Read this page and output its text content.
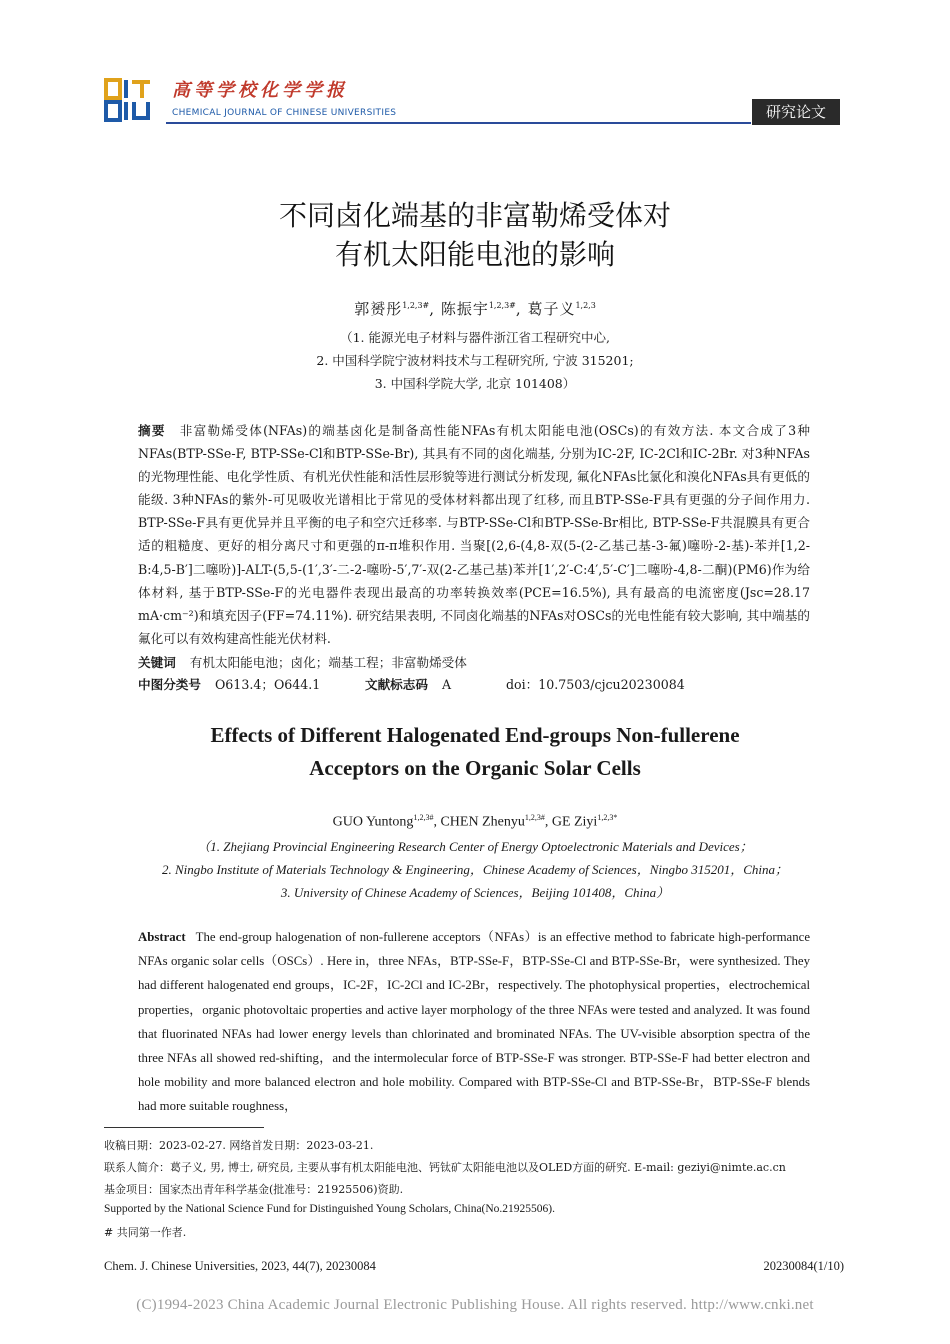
高等学校化学学报
CHEMICAL JOURNAL OF CHINESE UNIVERSITIES	研究论文
不同卤化端基的非富勒烯受体对
有机太阳能电池的影响
郭赟彤$^{1,2,3\#}$, 陈振宇$^{1,2,3\#}$, 葛子义$^{1,2,3}$
（1. 能源光电子材料与器件浙江省工程研究中心,
2. 中国科学院宁波材料技术与工程研究所, 宁波 315201;
3. 中国科学院大学, 北京 101408）
摘要 非富勒烯受体(NFAs)的端基卤化是制备高性能NFAs有机太阳能电池(OSCs)的有效方法. 本文合成了3种NFAs(BTP-SSe-F, BTP-SSe-Cl和BTP-SSe-Br), 其具有不同的卤化端基, 分别为IC-2F, IC-2Cl和IC-2Br. 对3种NFAs的光物理性能、电化学性质、有机光伏性能和活性层形貌等进行测试分析发现, 氟化NFAs比氯化和溴化NFAs具有更低的能级. 3种NFAs的紫外-可见吸收光谱相比于常见的受体材料都出现了红移, 而且BTP-SSe-F具有更强的分子间作用力. BTP-SSe-F具有更优异并且平衡的电子和空穴迁移率. 与BTP-SSe-Cl和BTP-SSe-Br相比, BTP-SSe-F共混膜具有更合适的粗糙度、更好的相分离尺寸和更强的π-π堆积作用. 当聚[(2,6-(4,8-双(5-(2-乙基己基-3-氟)噻吩-2-基)-苯并[1,2-B:4,5-B′]二噻吩)]-ALT-(5,5-(1′,3′-二-2-噻吩-5′,7′-双(2-乙基己基)苯并[1′,2′-C:4′,5′-C′]二噻吩-4,8-二酮)(PM6)作为给体材料, 基于BTP-SSe-F的光电器件表现出最高的功率转换效率(PCE=16.5%), 具有最高的电流密度(Jsc=28.17 mA·cm⁻²)和填充因子(FF=74.11%). 研究结果表明, 不同卤化端基的NFAs对OSCs的光电性能有较大影响, 其中端基的氟化可以有效构建高性能光伏材料.
关键词 有机太阳能电池；卤化；端基工程；非富勒烯受体
中图分类号 O613.4；O644.1	文献标志码 A	doi：10.7503/cjcu20230084
Effects of Different Halogenated End-groups Non-fullerene
Acceptors on the Organic Solar Cells
GUO Yuntong$^{1,2,3\#}$, CHEN Zhenyu$^{1,2,3\#}$, GE Ziyi$^{1,2,3*}$
（1. Zhejiang Provincial Engineering Research Center of Energy Optoelectronic Materials and Devices；
2. Ningbo Institute of Materials Technology & Engineering，Chinese Academy of Sciences，Ningbo 315201，China；
3. University of Chinese Academy of Sciences，Beijing 101408，China）
Abstract The end-group halogenation of non-fullerene acceptors（NFAs）is an effective method to fabricate high-performance NFAs organic solar cells（OSCs）. Here in，three NFAs，BTP-SSe-F，BTP-SSe-Cl and BTP-SSe-Br，were synthesized. They had different halogenated end groups，IC-2F，IC-2Cl and IC-2Br，respectively. The photophysical properties，electrochemical properties，organic photovoltaic properties and active layer morphology of the three NFAs were tested and analyzed. It was found that fluorinated NFAs had lower energy levels than chlorinated and brominated NFAs. The UV-visible absorption spectra of the three NFAs all showed red-shifting，and the intermolecular force of BTP-SSe-F was stronger. BTP-SSe-F had better electron and hole mobility and more balanced electron and hole mobility. Compared with BTP-SSe-Cl and BTP-SSe-Br，BTP-SSe-F blends had more suitable roughness，
收稿日期：2023-02-27. 网络首发日期：2023-03-21.
联系人简介：葛子义, 男, 博士, 研究员, 主要从事有机太阳能电池、钙钛矿太阳能电池以及OLED方面的研究. E-mail: geziyi@nimte.ac.cn
基金项目：国家杰出青年科学基金(批准号：21925506)资助.
Supported by the National Science Fund for Distinguished Young Scholars, China(No.21925506).
# 共同第一作者.
Chem. J. Chinese Universities, 2023, 44(7), 20230084	20230084(1/10)
(C)1994-2023 China Academic Journal Electronic Publishing House. All rights reserved. http://www.cnki.net
